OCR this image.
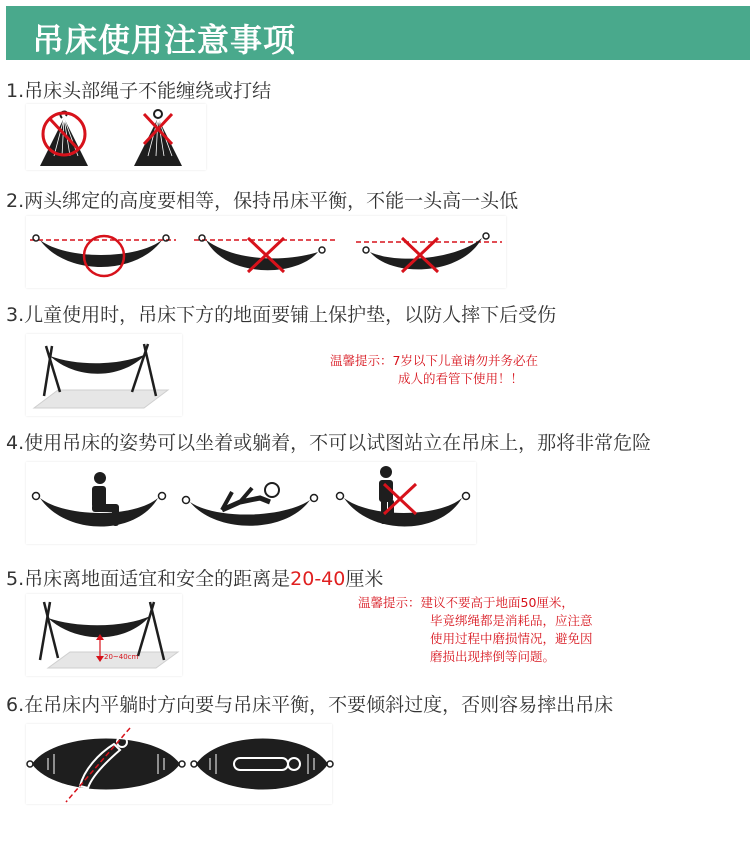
吊床使用注意事项
1.吊床头部绳子不能缠绕或打结
2.两头绑定的高度要相等，保持吊床平衡，不能一头高一头低
3.儿童使用时，吊床下方的地面要铺上保护垫，以防人摔下后受伤
温馨提示：7岁以下儿童请勿并务必在
成人的看管下使用！！
4.使用吊床的姿势可以坐着或躺着，不可以试图站立在吊床上，那将非常危险
5.吊床离地面适宜和安全的距离是20-40厘米
20~40cm
温馨提示：建议不要高于地面50厘米，
毕竟绑绳都是消耗品，应注意
使用过程中磨损情况，避免因
磨损出现摔倒等问题。
6.在吊床内平躺时方向要与吊床平衡，不要倾斜过度，否则容易摔出吊床
